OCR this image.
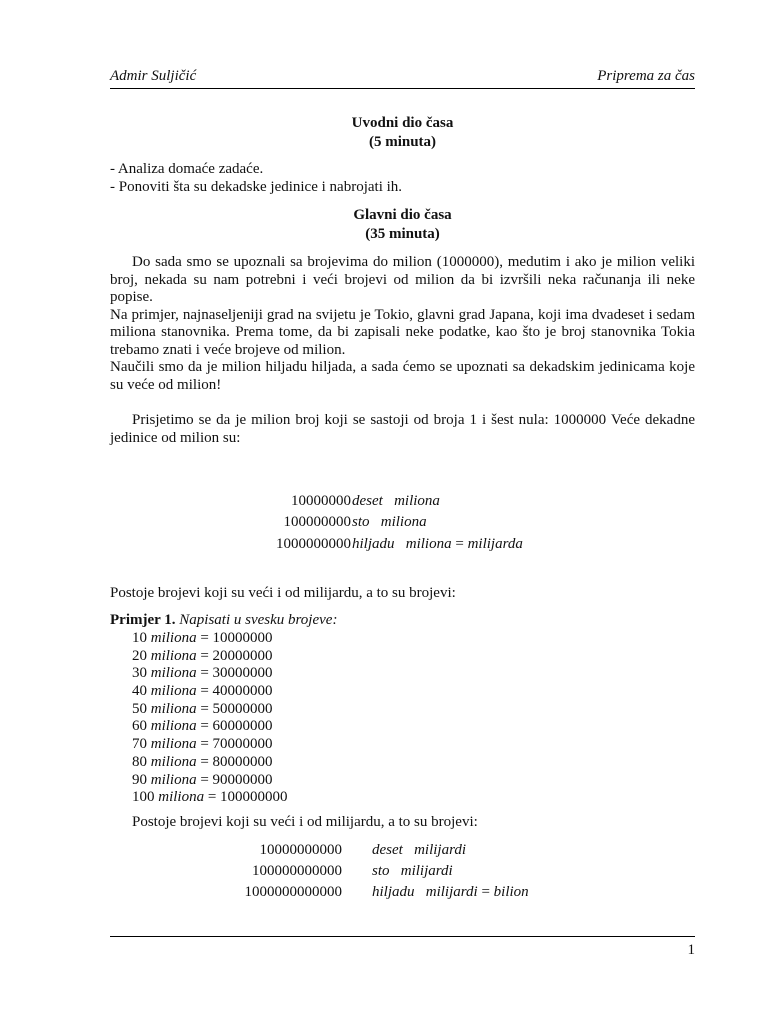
Admir Suljičić	Priprema za čas
Uvodni dio časa
(5 minuta)
- Analiza domaće zadaće.
- Ponoviti šta su dekadske jedinice i nabrojati ih.
Glavni dio časa
(35 minuta)

Do sada smo se upoznali sa brojevima do milion (1000000), medutim i ako je milion veliki broj, nekada su nam potrebni i veći brojevi od milion da bi izvršili neka računanja ili neke popise.

Na primjer, najnaseljeniji grad na svijetu je Tokio, glavni grad Japana, koji ima dvadeset i sedam miliona stanovnika. Prema tome, da bi zapisali neke podatke, kao što je broj stanovnika Tokia trebamo znati i veće brojeve od milion.

Naučili smo da je milion hiljadu hiljada, a sada ćemo se upoznati sa dekadskim jedinicama koje su veće od milion!

Prisjetimo se da je milion broj koji se sastoji od broja 1 i šest nula: 1000000 Veće dekadne jedinice od milion su:

10000000 deset   miliona
100000000 sto   miliona
1000000000 hiljadu   miliona = milijarda
Postoje brojevi koji su veći i od milijardu, a to su brojevi:
Primjer 1. Napisati u svesku brojeve:
10 miliona = 10000000
20 miliona = 20000000
30 miliona = 30000000
40 miliona = 40000000
50 miliona = 50000000
60 miliona = 60000000
70 miliona = 70000000
80 miliona = 80000000
90 miliona = 90000000
100 miliona = 100000000
Postoje brojevi koji su veći i od milijardu, a to su brojevi:
10000000000 deset   milijardi
100000000000 sto   milijardi
1000000000000 hiljadu   milijardi = bilion
1
